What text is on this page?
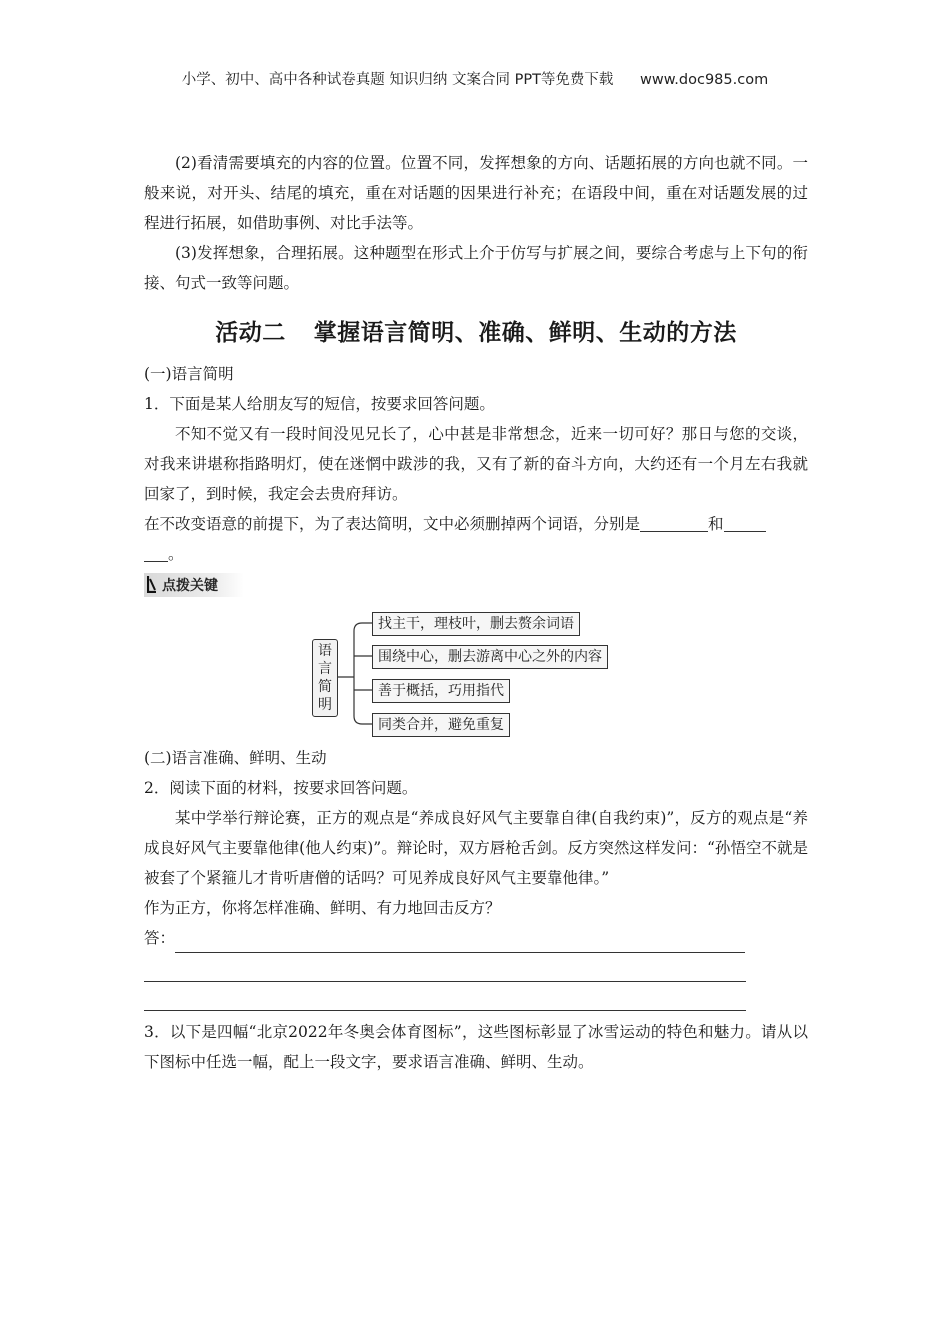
小学、初中、高中各种试卷真题 知识归纳 文案合同 PPT等免费下载 www.doc985.com

(2)看清需要填充的内容的位置。位置不同，发挥想象的方向、话题拓展的方向也就不同。一般来说，对开头、结尾的填充，重在对话题的因果进行补充；在语段中间，重在对话题发展的过程进行拓展，如借助事例、对比手法等。

(3)发挥想象，合理拓展。这种题型在形式上介于仿写与扩展之间，要综合考虑与上下句的衔接、句式一致等问题。

活动二 掌握语言简明、准确、鲜明、生动的方法

(一)语言简明

1．下面是某人给朋友写的短信，按要求回答问题。

不知不觉又有一段时间没见兄长了，心中甚是非常想念，近来一切可好？那日与您的交谈，对我来讲堪称指路明灯，使在迷惘中跋涉的我，又有了新的奋斗方向，大约还有一个月左右我就回家了，到时候，我定会去贵府拜访。

在不改变语意的前提下，为了表达简明，文中必须删掉两个词语，分别是	和
。

点拨关键
语
言
简
明
找主干，理枝叶，删去赘余词语
围绕中心，删去游离中心之外的内容
善于概括，巧用指代
同类合并，避免重复

(二)语言准确、鲜明、生动

2．阅读下面的材料，按要求回答问题。

某中学举行辩论赛，正方的观点是“养成良好风气主要靠自律(自我约束)”，反方的观点是“养成良好风气主要靠他律(他人约束)”。辩论时，双方唇枪舌剑。反方突然这样发问：“孙悟空不就是被套了个紧箍儿才肯听唐僧的话吗？可见养成良好风气主要靠他律。”

作为正方，你将怎样准确、鲜明、有力地回击反方？

答：

3．以下是四幅“北京2022年冬奥会体育图标”，这些图标彰显了冰雪运动的特色和魅力。请从以下图标中任选一幅，配上一段文字，要求语言准确、鲜明、生动。
